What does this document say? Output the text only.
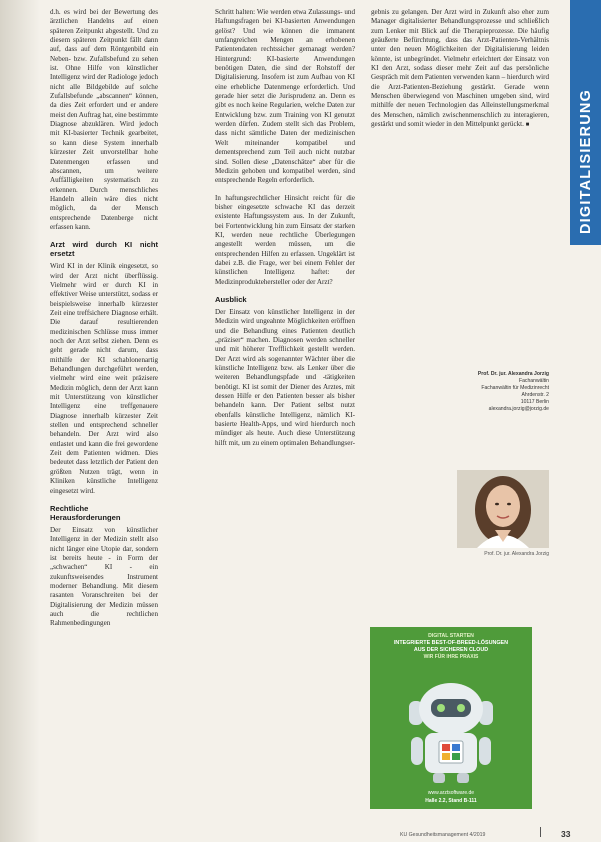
d.h. es wird bei der Bewertung des ärztlichen Handelns auf einen späteren Zeitpunkt abgestellt. Und zu diesem späteren Zeitpunkt fällt dann auf, dass auf dem Röntgenbild ein Neben- bzw. Zufallsbefund zu sehen ist. Ohne Hilfe von künstlicher Intelligenz wird der Radiologe jedoch nicht alle Bildgebilde auf solche Zufallsbefunde „abscannen“ können, da dies Zeit erfordert und er andere meist den Auftrag hat, eine bestimmte Diagnose abzuklären. Wird jedoch mit KI-basierter Technik gearbeitet, so kann diese System innerhalb kürzester Zeit unvorstellbar hohe Datenmengen erfassen und abscannen, um weitere Auffälligkeiten systematisch zu erkennen. Durch menschliches Handeln allein wäre dies nicht möglich, da der Mensch entsprechende Datenberge nicht erfassen kann.

Arzt wird durch KI nicht ersetzt

Wird KI in der Klinik eingesetzt, so wird der Arzt nicht überflüssig. Vielmehr wird er durch KI in effektiver Weise unterstützt, sodass er beispielsweise innerhalb kürzester Zeit eine treffsichere Diagnose erhält. Die darauf resultierenden medizinischen Schlüsse muss immer noch der Arzt selbst ziehen. Denn es geht gerade nicht darum, dass mithilfe der KI schablonenartig Behandlungen durchgeführt werden, vielmehr wird eine weit präzisere Medizin möglich, denn der Arzt kann mit Unterstützung von künstlicher Intelligenz eine treffgenauere Diagnose innerhalb kürzester Zeit stellen und entsprechend schneller behandeln. Der Arzt wird also entlastet und kann die frei gewordene Zeit dem Patienten widmen. Dies bedeutet dass letztlich der Patient den größten Nutzen trägt, wenn in Kliniken künstliche Intelligenz eingesetzt wird.

Rechtliche Herausforderungen

Der Einsatz von künstlicher Intelligenz in der Medizin stellt also nicht länger eine Utopie dar, sondern ist bereits heute - in Form der „schwachen“ KI - ein zukunftsweisendes Instrument moderner Behandlung. Mit diesem rasanten Voranschreiten bei der Digitalisierung der Medizin müssen auch die rechtlichen Rahmenbedingungen

Schritt halten: Wie werden etwa Zulassungs- und Haftungsfragen bei KI-basierten Anwendungen gelöst? Und wie können die immanent umfangreichen Mengen an erhobenen Patientendaten rechtssicher gemanagt werden? Hintergrund: KI-basierte Anwendungen benötigen Daten, die sind der Rohstoff der Digitalisierung. Insofern ist zum Aufbau von KI eine erhebliche Datenmenge erforderlich. Und gerade hier setzt die Jurisprudenz an. Denn es gibt es noch keine Regularien, welche Daten zur Entwicklung bzw. zum Training von KI genutzt werden dürfen. Zudem stellt sich das Problem, dass nicht sämtliche Daten der medizinischen Welt miteinander kompatibel und dementsprechend zum Teil auch nicht nutzbar sind. Sollen diese „Datenschätze“ aber für die Medizin gehoben und kompatibel werden, sind entsprechende Regeln erforderlich.

In haftungsrechtlicher Hinsicht reicht für die bisher eingesetzte schwache KI das derzeit existente Haftungssystem aus. In der Zukunft, bei Fortentwicklung hin zum Einsatz der starken KI, werden neue rechtliche Überlegungen angestellt werden müssen, um die entsprechenden Hilfen zu erfassen. Ungeklärt ist dabei z.B. die Frage, wer bei einem Fehler der künstlichen Intelligenz haftet: der Medizinproduktehersteller oder der Arzt?

Ausblick

Der Einsatz von künstlicher Intelligenz in der Medizin wird ungeahnte Möglichkeiten eröffnen und die Behandlung eines Patienten deutlich „präziser“ machen. Diagnosen werden schneller und mit höherer Trefflichkeit gestellt werden. Der Arzt wird als sogenannter Wächter über die künstliche Intelligenz bzw. als Lenker über die weiteren Behandlungspfade und -tätigkeiten benötigt. KI ist somit der Diener des Arztes, mit dessen Hilfe er den Patienten besser als bisher behandeln kann. Der Patient selbst nutzt ebenfalls künstliche Intelligenz, nämlich KI-basierte Health-Apps, und wird hierdurch noch mündiger als heute. Auch diese Unterstützung hilft mit, um zu einem optimalen Behandlungser-

gebnis zu gelangen. Der Arzt wird in Zukunft also eher zum Manager digitalisierter Behandlungsprozesse und schließlich zum Lenker mit Blick auf die Therapieprozesse. Die häufig geäußerte Befürchtung, dass das Arzt-Patienten-Verhältnis unter den neuen Möglichkeiten der Digitalisierung leiden könnte, ist unbegründet. Vielmehr erleichtert der Einsatz von KI den Arzt, sodass dieser mehr Zeit auf das persönliche Gespräch mit dem Patienten verwenden kann – hierdurch wird die Arzt-Patienten-Beziehung gestärkt. Gerade wenn Menschen überwiegend von Maschinen umgeben sind, wird mithilfe der neuen Technologien das Alleinstellungsmerkmal des Menschen, nämlich zwischenmenschlich zu interagieren, gestärkt und somit wieder in den Mittelpunkt gerückt. ■

Prof. Dr. jur. Alexandra Jorzig
Fachanwältin
Fachanwältin für Medizinrecht
Ahrdenstr. 2
10117 Berlin
alexandra.jorzig@jorzig.de
Prof. Dr. jur. Alexandra Jorzig
DIGITAL STARTEN
INTEGRIERTE BEST-OF-BREED-LÖSUNGEN
AUS DER SICHEREN CLOUD
WIR FÜR IHRE PRAXIS
www.arztsoftware.de
Halle 2.2, Stand B-111
DIGITALISIERUNG
KU Gesundheitsmanagement 4/2019	33
